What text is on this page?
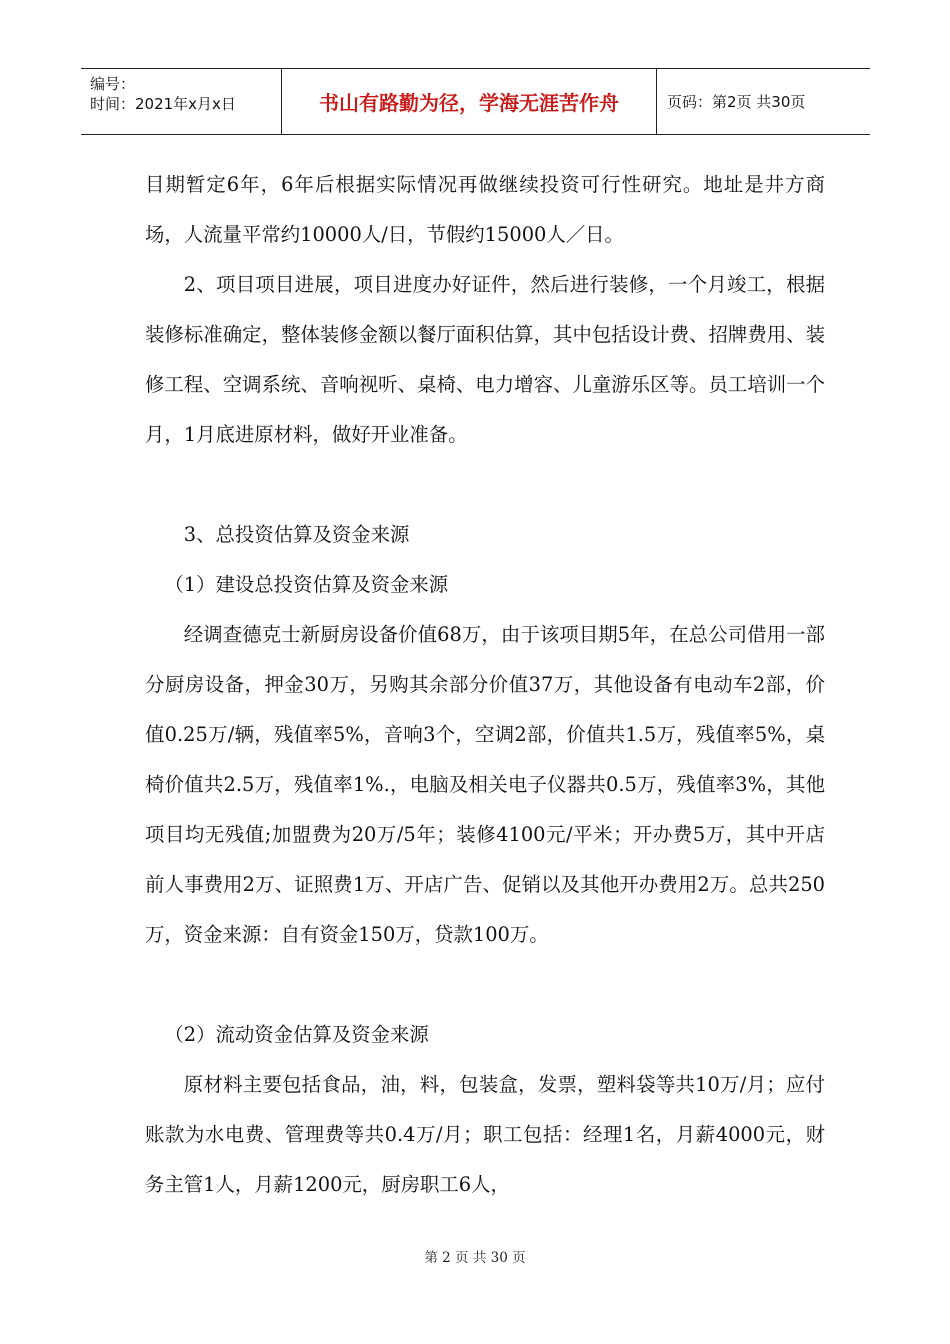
编号：
时间：2021年x月x日	书山有路勤为径，学海无涯苦作舟	页码：第2页 共30页

目期暂定6年，6年后根据实际情况再做继续投资可行性研究。地址是井方商场，人流量平常约10000人/日，节假约15000人／日。

2、项目项目进展，项目进度办好证件，然后进行装修，一个月竣工，根据装修标准确定，整体装修金额以餐厅面积估算，其中包括设计费、招牌费用、装修工程、空调系统、音响视听、桌椅、电力增容、儿童游乐区等。员工培训一个月，1月底进原材料，做好开业准备。

3、总投资估算及资金来源

（1）建设总投资估算及资金来源

经调查德克士新厨房设备价值68万，由于该项目期5年，在总公司借用一部分厨房设备，押金30万，另购其余部分价值37万，其他设备有电动车2部，价值0.25万/辆，残值率5%，音响3个，空调2部，价值共1.5万，残值率5%，桌椅价值共2.5万，残值率1%.，电脑及相关电子仪器共0.5万，残值率3%，其他项目均无残值;加盟费为20万/5年；装修4100元/平米；开办费5万，其中开店前人事费用2万、证照费1万、开店广告、促销以及其他开办费用2万。总共250万，资金来源：自有资金150万，贷款100万。

（2）流动资金估算及资金来源

原材料主要包括食品，油，料，包装盒，发票，塑料袋等共10万/月；应付账款为水电费、管理费等共0.4万/月；职工包括：经理1名，月薪4000元，财务主管1人，月薪1200元，厨房职工6人，

第 2 页 共 30 页
